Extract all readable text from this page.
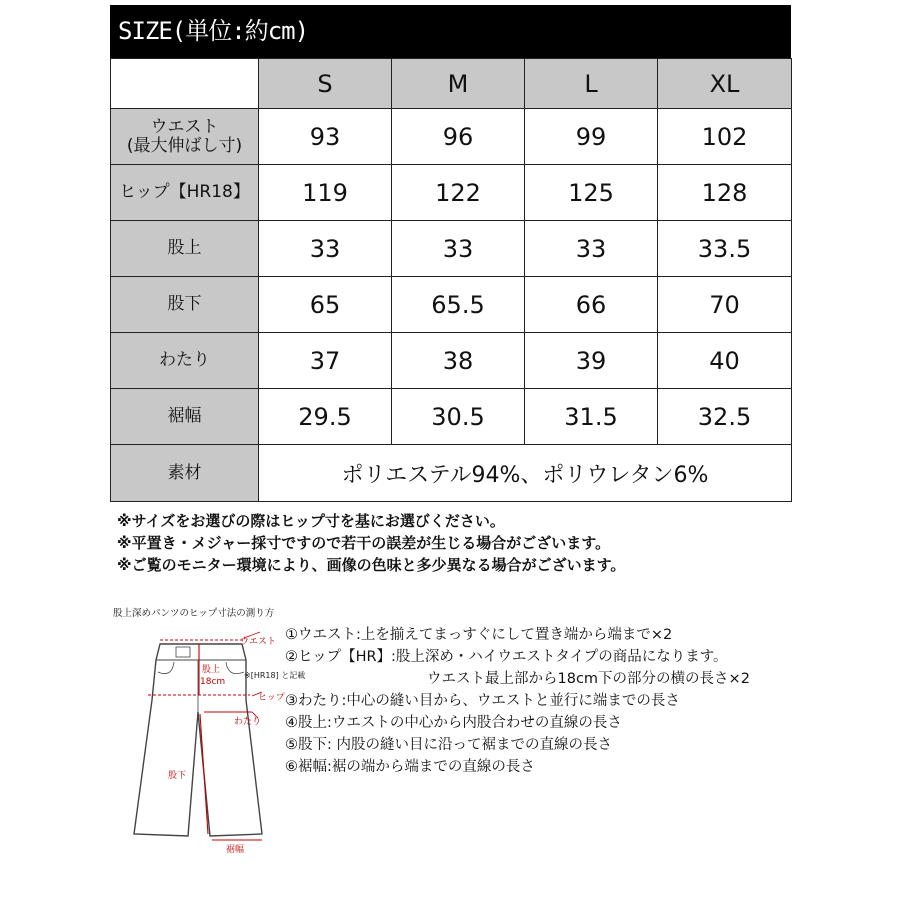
SIZE(単位:約cm)
	S	M	L	XL

ウエスト
(最大伸ばし寸)	93	96	99	102
ヒップ【HR18】	119	122	125	128
股上	33	33	33	33.5
股下	65	65.5	66	70
わたり	37	38	39	40
裾幅	29.5	30.5	31.5	32.5
素材	ポリエステル94%、ポリウレタン6%			
※サイズをお選びの際はヒップ寸を基にお選びください。
※平置き・メジャー採寸ですので若干の誤差が生じる場合がございます。
※ご覧のモニター環境により、画像の色味と多少異なる場合がございます。
股上深めパンツのヒップ寸法の測り方
ウエスト
股上
18cm
※[HR18] と記載
ヒップ
わたり
股下
裾幅
①ウエスト:上を揃えてまっすぐにして置き端から端まで×2
②ヒップ【HR】:股上深め・ハイウエストタイプの商品になります。
ウエスト最上部から18cm下の部分の横の長さ×2
③わたり:中心の縫い目から、ウエストと並行に端までの長さ
④股上:ウエストの中心から内股合わせの直線の長さ
⑤股下: 内股の縫い目に沿って裾までの直線の長さ
⑥裾幅:裾の端から端までの直線の長さ
